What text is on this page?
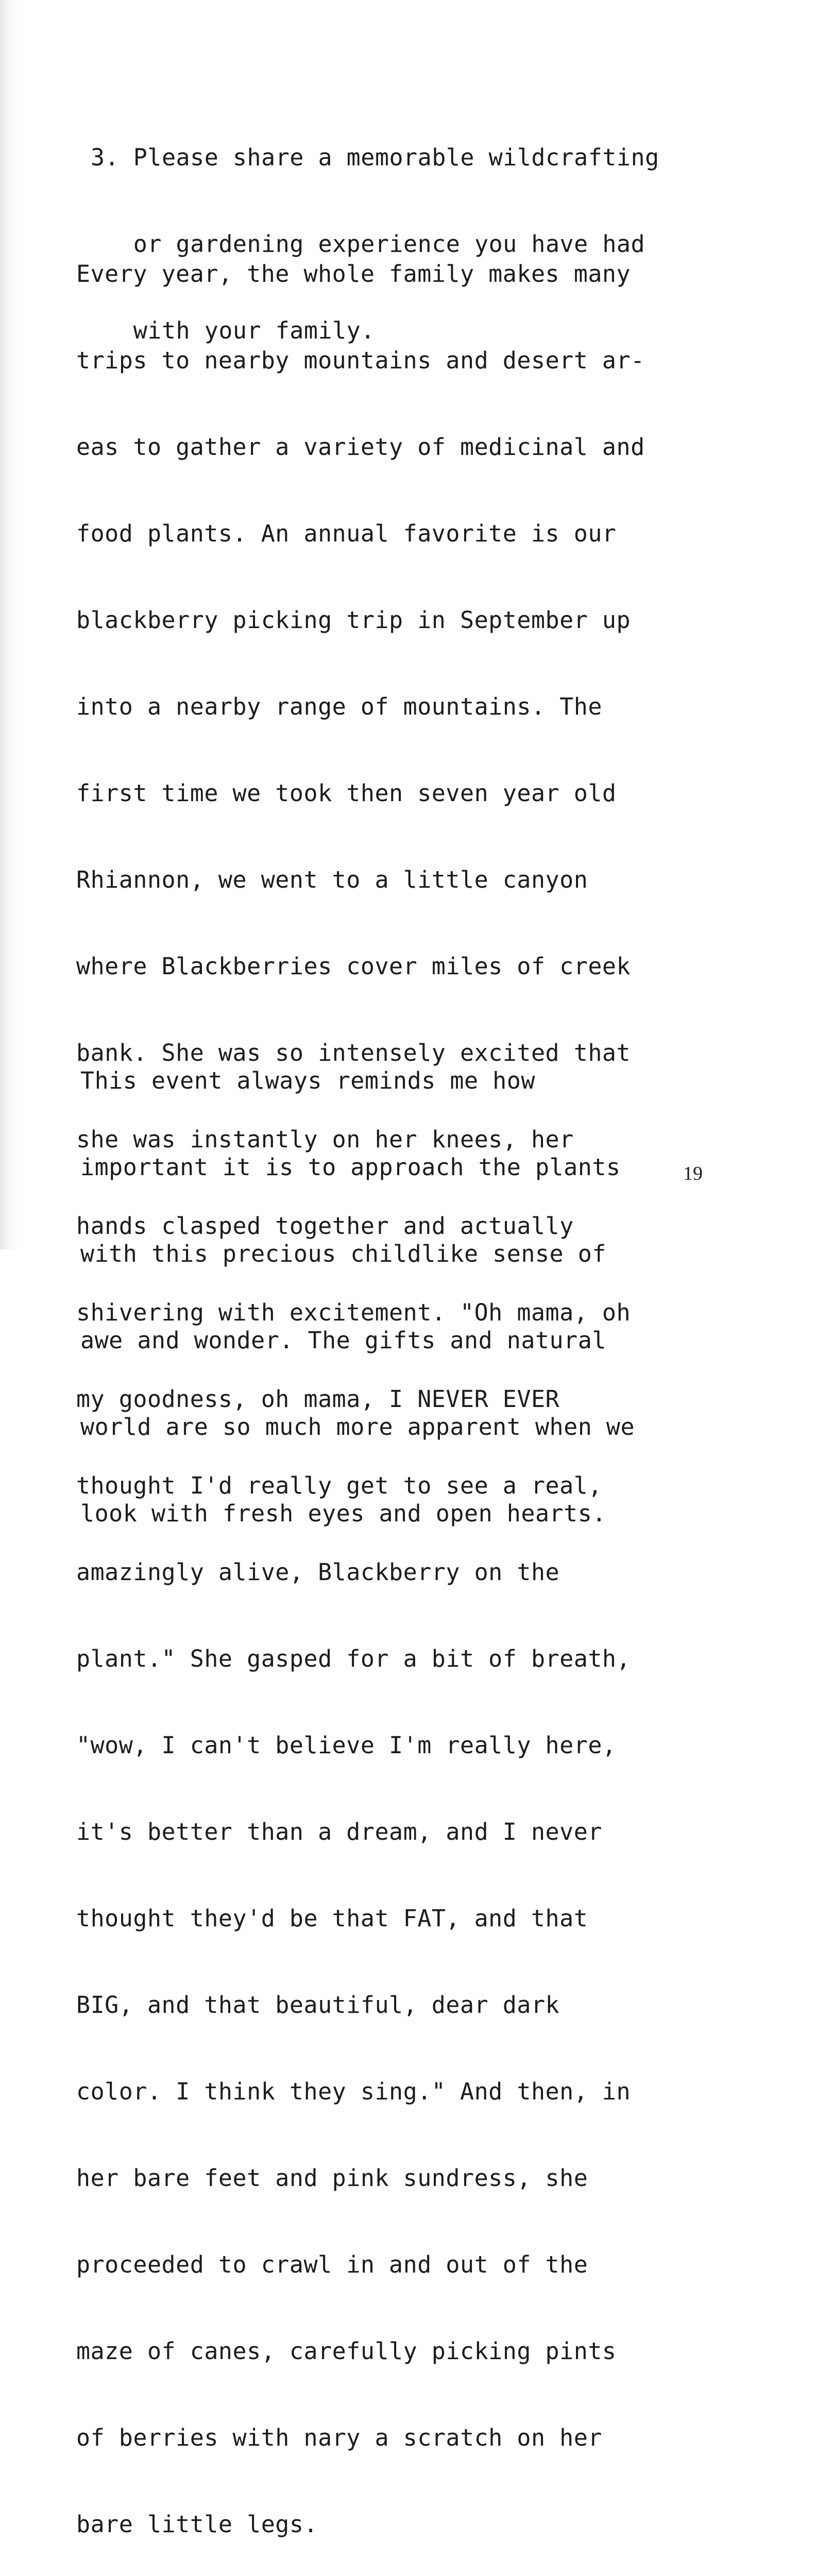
3. Please share a memorable wildcrafting

or gardening experience you have had

with your family.

Every year, the whole family makes many

trips to nearby mountains and desert ar-

eas to gather a variety of medicinal and

food plants. An annual favorite is our

blackberry picking trip in September up

into a nearby range of mountains. The

first time we took then seven year old

Rhiannon, we went to a little canyon

where Blackberries cover miles of creek

bank. She was so intensely excited that

she was instantly on her knees, her

hands clasped together and actually

shivering with excitement. "Oh mama, oh

my goodness, oh mama, I NEVER EVER

thought I'd really get to see a real,

amazingly alive, Blackberry on the

plant." She gasped for a bit of breath,

"wow, I can't believe I'm really here,

it's better than a dream, and I never

thought they'd be that FAT, and that

BIG, and that beautiful, dear dark

color. I think they sing." And then, in

her bare feet and pink sundress, she

proceeded to crawl in and out of the

maze of canes, carefully picking pints

of berries with nary a scratch on her

bare little legs.

This event always reminds me how

important it is to approach the plants

with this precious childlike sense of

awe and wonder. The gifts and natural

world are so much more apparent when we

look with fresh eyes and open hearts.

19
